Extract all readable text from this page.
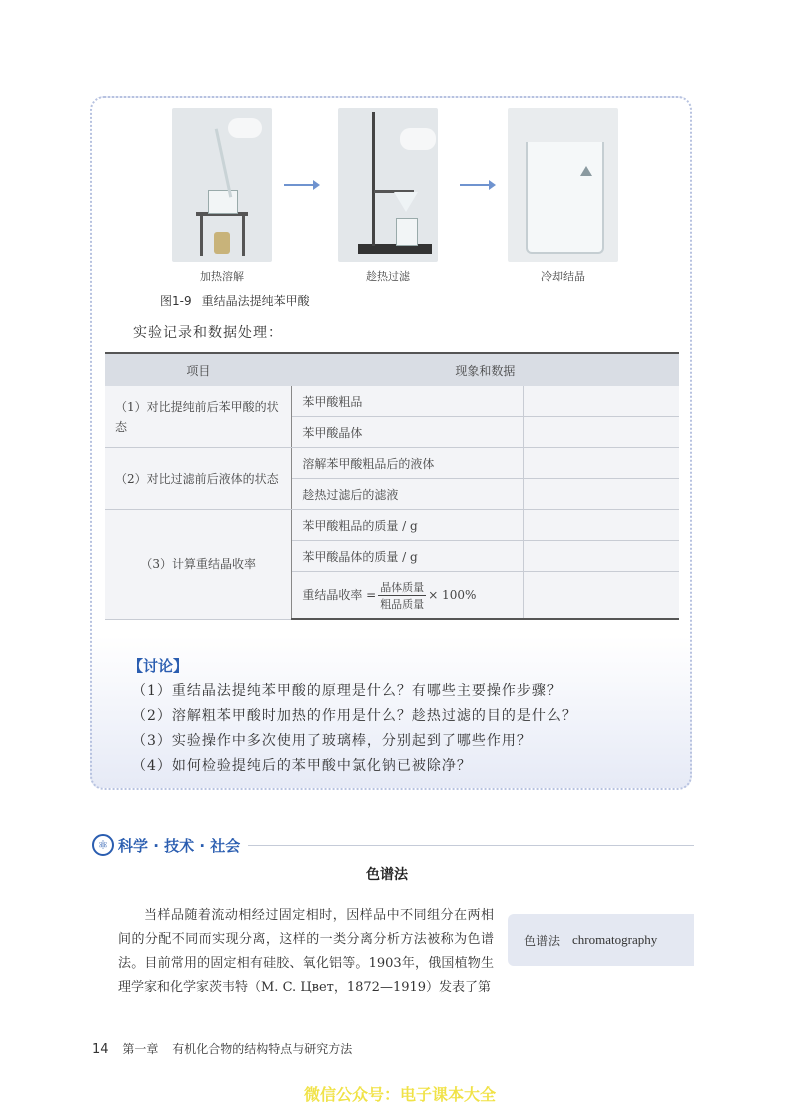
加热溶解	趁热过滤	冷却结晶
图1-9 重结晶法提纯苯甲酸
实验记录和数据处理：
项目	现象和数据	
（1）对比提纯前后苯甲酸的状态	苯甲酸粗品	
	苯甲酸晶体	
（2）对比过滤前后液体的状态	溶解苯甲酸粗品后的液体	
	趁热过滤后的滤液	
（3）计算重结晶收率	苯甲酸粗品的质量 / g	
	苯甲酸晶体的质量 / g	
	重结晶收率 = $\frac{\text{晶体质量}}{\text{粗品质量}} \times 100\%$	
【讨论】
（1）重结晶法提纯苯甲酸的原理是什么？有哪些主要操作步骤？
（2）溶解粗苯甲酸时加热的作用是什么？趁热过滤的目的是什么？
（3）实验操作中多次使用了玻璃棒，分别起到了哪些作用？
（4）如何检验提纯后的苯甲酸中氯化钠已被除净？
⚛ 科学 · 技术 · 社会
色谱法
当样品随着流动相经过固定相时，因样品中不同组分在两相间的分配不同而实现分离，这样的一类分离分析方法被称为色谱法。目前常用的固定相有硅胶、氧化铝等。1903年，俄国植物生理学家和化学家茨韦特（M. C. Цвет，1872—1919）发表了第
色谱法 chromatography
14 第一章 有机化合物的结构特点与研究方法
微信公众号：电子课本大全
